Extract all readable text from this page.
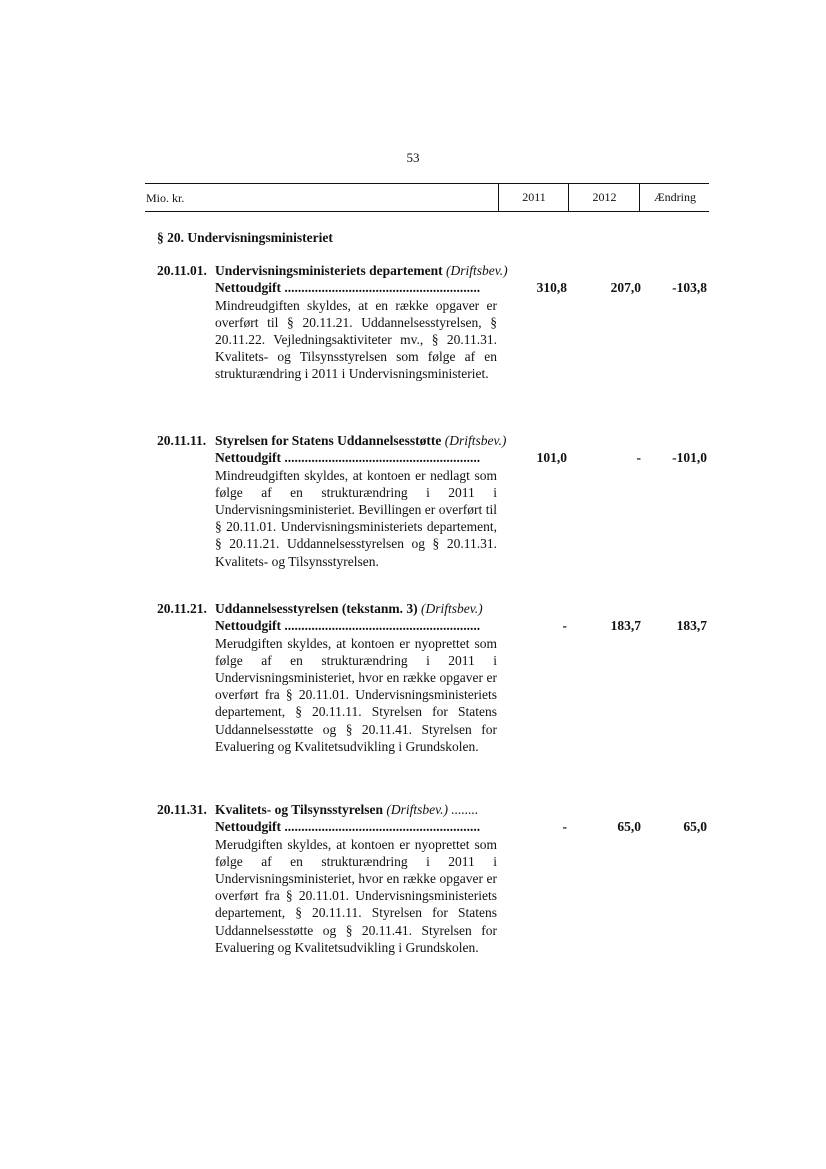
53
Mio. kr.	2011	2012	Ændring
§ 20. Undervisningsministeriet
20.11.01. Undervisningsministeriets departement (Driftsbev.)
Nettoudgift ..........................................................	310,8	207,0	-103,8
Mindreudgiften skyldes, at en række opgaver er overført til § 20.11.21. Uddannelsesstyrelsen, § 20.11.22. Vejledningsaktiviteter mv., § 20.11.31. Kvalitets- og Tilsynsstyrelsen som følge af en strukturændring i 2011 i Undervisningsministeriet.
20.11.11. Styrelsen for Statens Uddannelsesstøtte (Driftsbev.)
Nettoudgift ..........................................................	101,0	-	-101,0
Mindreudgiften skyldes, at kontoen er nedlagt som følge af en strukturændring i 2011 i Undervisningsministeriet. Bevillingen er overført til § 20.11.01. Undervisningsministeriets departement, § 20.11.21. Uddannelsesstyrelsen og § 20.11.31. Kvalitets- og Tilsynsstyrelsen.
20.11.21. Uddannelsesstyrelsen (tekstanm. 3) (Driftsbev.)
Nettoudgift ..........................................................	-	183,7	183,7
Merudgiften skyldes, at kontoen er nyoprettet som følge af en strukturændring i 2011 i Undervisningsministeriet, hvor en række opgaver er overført fra § 20.11.01. Undervisningsministeriets departement, § 20.11.11. Styrelsen for Statens Uddannelsesstøtte og § 20.11.41. Styrelsen for Evaluering og Kvalitetsudvikling i Grundskolen.
20.11.31. Kvalitets- og Tilsynsstyrelsen (Driftsbev.) ........
Nettoudgift ..........................................................	-	65,0	65,0
Merudgiften skyldes, at kontoen er nyoprettet som følge af en strukturændring i 2011 i Undervisningsministeriet, hvor en række opgaver er overført fra § 20.11.01. Undervisningsministeriets departement, § 20.11.11. Styrelsen for Statens Uddannelsesstøtte og § 20.11.41. Styrelsen for Evaluering og Kvalitetsudvikling i Grundskolen.
